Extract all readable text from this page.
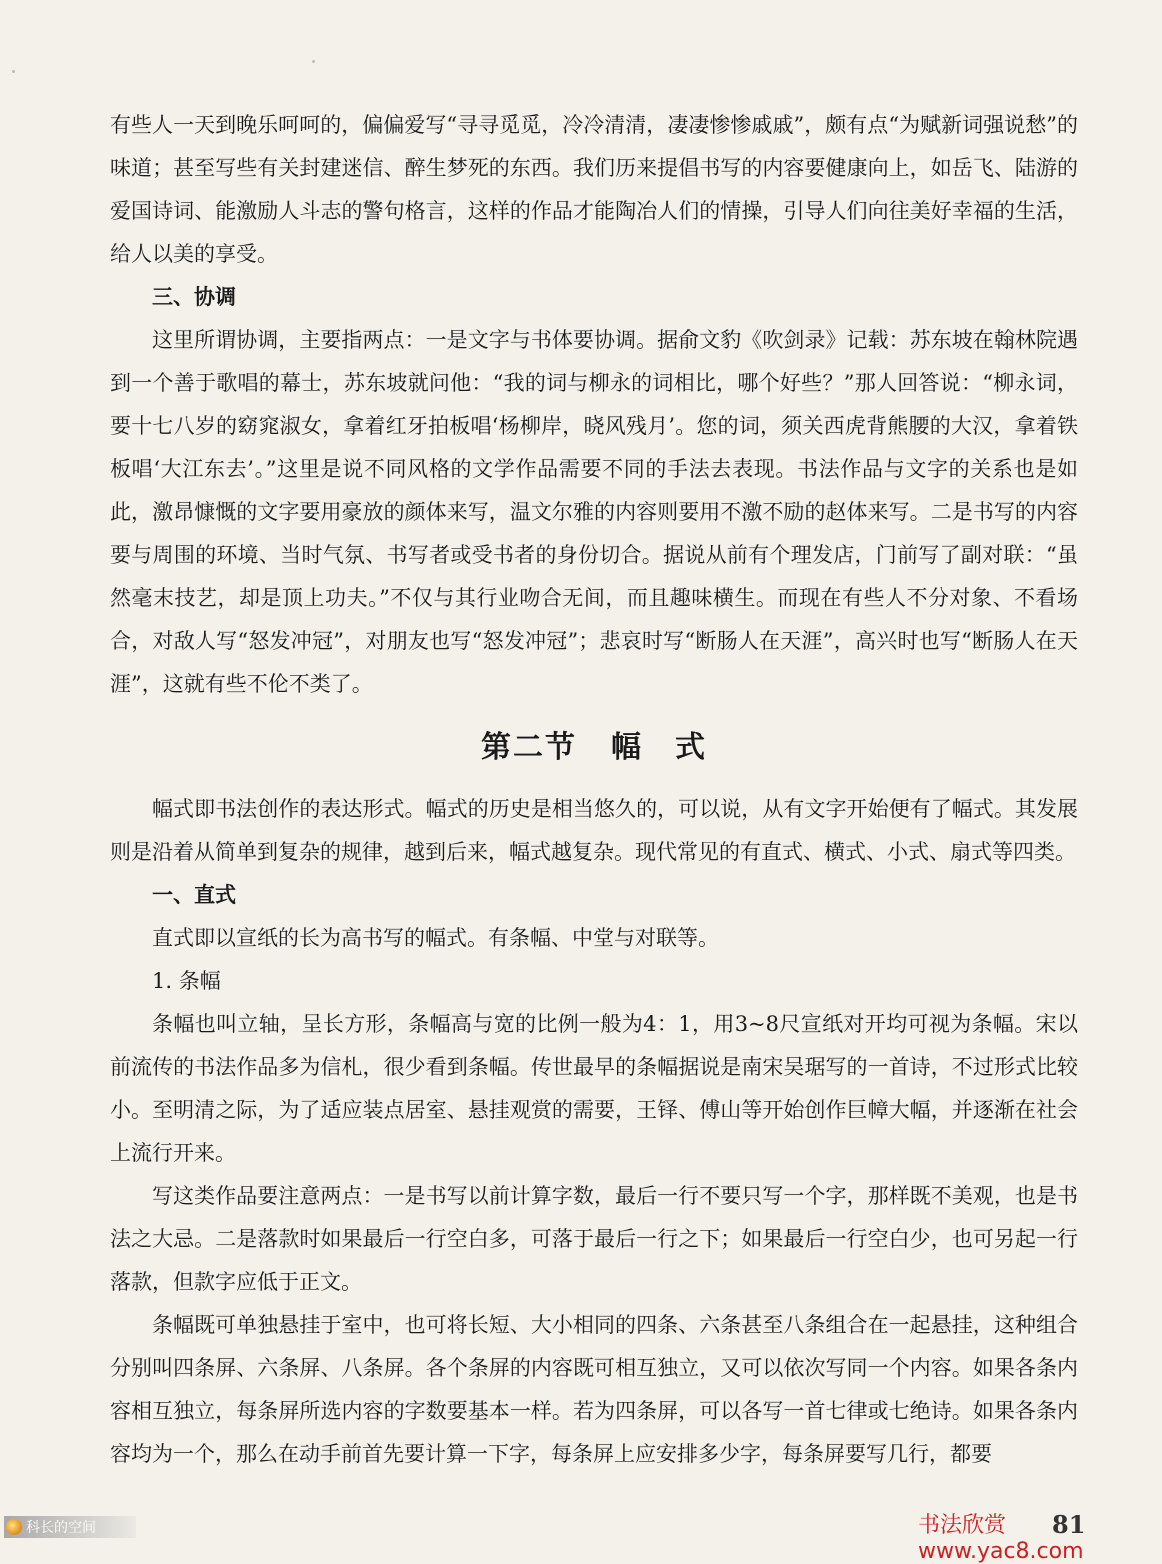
有些人一天到晚乐呵呵的，偏偏爱写“寻寻觅觅，冷冷清清，凄凄惨惨戚戚”，颇有点“为赋新词强说愁”的味道；甚至写些有关封建迷信、醉生梦死的东西。我们历来提倡书写的内容要健康向上，如岳飞、陆游的爱国诗词、能激励人斗志的警句格言，这样的作品才能陶冶人们的情操，引导人们向往美好幸福的生活，给人以美的享受。

三、协调

这里所谓协调，主要指两点：一是文字与书体要协调。据俞文豹《吹剑录》记载：苏东坡在翰林院遇到一个善于歌唱的幕士，苏东坡就问他：“我的词与柳永的词相比，哪个好些？”那人回答说：“柳永词，要十七八岁的窈窕淑女，拿着红牙拍板唱‘杨柳岸，晓风残月’。您的词，须关西虎背熊腰的大汉，拿着铁板唱‘大江东去’。”这里是说不同风格的文学作品需要不同的手法去表现。书法作品与文字的关系也是如此，激昂慷慨的文字要用豪放的颜体来写，温文尔雅的内容则要用不激不励的赵体来写。二是书写的内容要与周围的环境、当时气氛、书写者或受书者的身份切合。据说从前有个理发店，门前写了副对联：“虽然毫末技艺，却是顶上功夫。”不仅与其行业吻合无间，而且趣味横生。而现在有些人不分对象、不看场合，对敌人写“怒发冲冠”，对朋友也写“怒发冲冠”；悲哀时写“断肠人在天涯”，高兴时也写“断肠人在天涯”，这就有些不伦不类了。

第二节 幅　式

幅式即书法创作的表达形式。幅式的历史是相当悠久的，可以说，从有文字开始便有了幅式。其发展则是沿着从简单到复杂的规律，越到后来，幅式越复杂。现代常见的有直式、横式、小式、扇式等四类。

一、直式

直式即以宣纸的长为高书写的幅式。有条幅、中堂与对联等。

1. 条幅

条幅也叫立轴，呈长方形，条幅高与宽的比例一般为4：1，用3~8尺宣纸对开均可视为条幅。宋以前流传的书法作品多为信札，很少看到条幅。传世最早的条幅据说是南宋吴琚写的一首诗，不过形式比较小。至明清之际，为了适应装点居室、悬挂观赏的需要，王铎、傅山等开始创作巨幛大幅，并逐渐在社会上流行开来。

写这类作品要注意两点：一是书写以前计算字数，最后一行不要只写一个字，那样既不美观，也是书法之大忌。二是落款时如果最后一行空白多，可落于最后一行之下；如果最后一行空白少，也可另起一行落款，但款字应低于正文。

条幅既可单独悬挂于室中，也可将长短、大小相同的四条、六条甚至八条组合在一起悬挂，这种组合分别叫四条屏、六条屏、八条屏。各个条屏的内容既可相互独立，又可以依次写同一个内容。如果各条内容相互独立，每条屏所选内容的字数要基本一样。若为四条屏，可以各写一首七律或七绝诗。如果各条内容均为一个，那么在动手前首先要计算一下字，每条屏上应安排多少字，每条屏要写几行，都要

科长的空间	书法欣赏 www.yac8.com
81
